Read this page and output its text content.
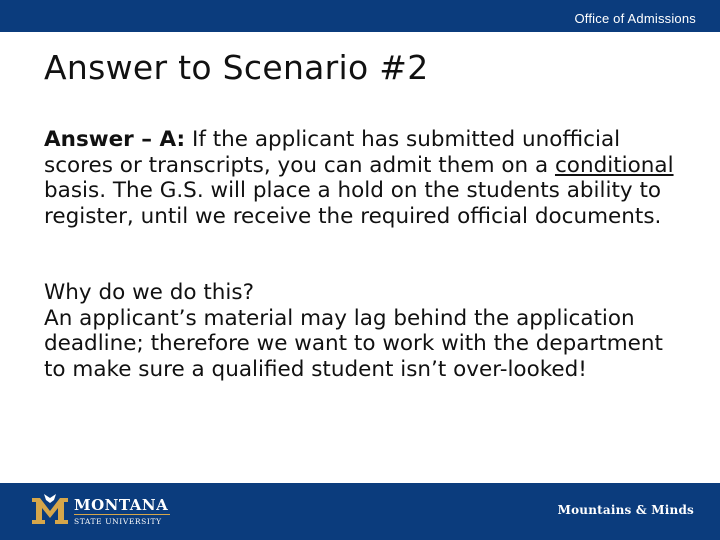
Office of Admissions
Answer to Scenario #2

Answer – A: If the applicant has submitted unofficial scores or transcripts, you can admit them on a conditional basis. The G.S. will place a hold on the students ability to register, until we receive the required official documents.

Why do we do this?

An applicant’s material may lag behind the application deadline; therefore we want to work with the department to make sure a qualified student isn’t over-looked!

MONTANA
STATE UNIVERSITY
Mountains & Minds
